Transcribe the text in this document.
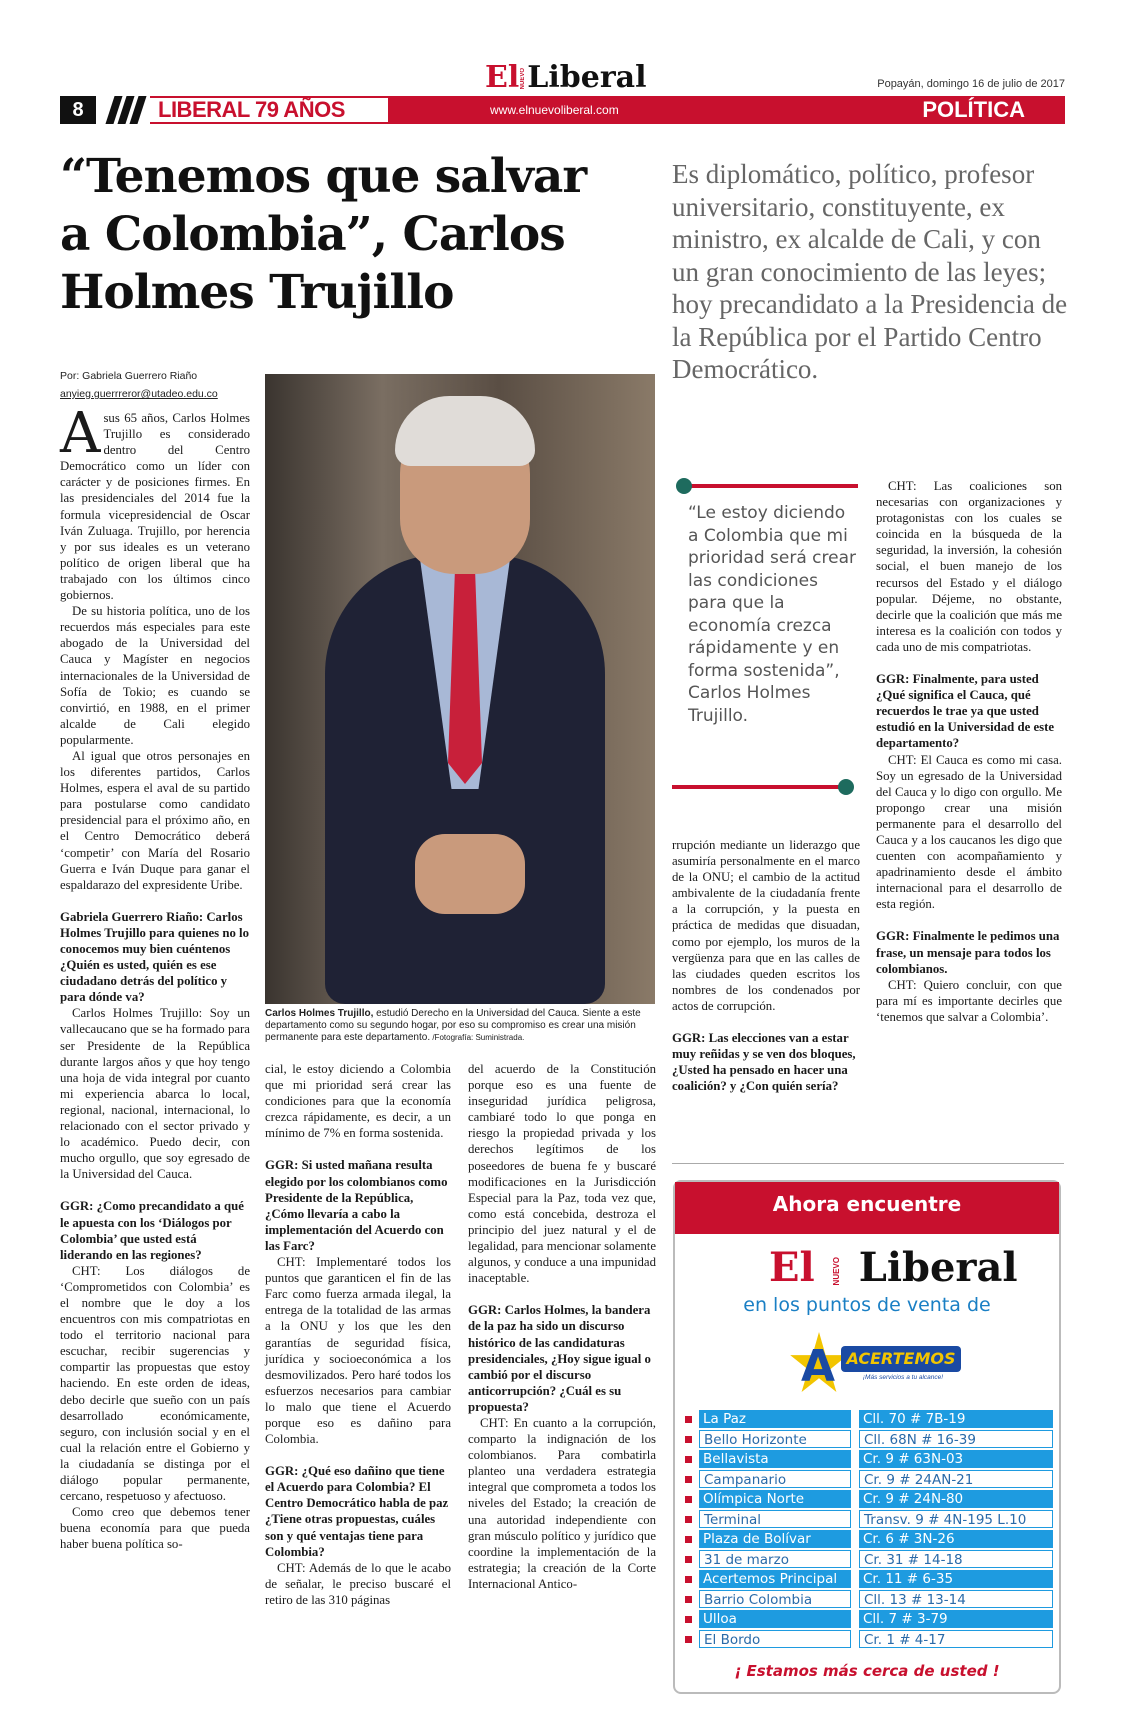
ElNUEVOLiberal	Popayán, domingo 16 de julio de 2017
8	LIBERAL 79 AÑOS	www.elnuevoliberal.com	POLÍTICA
“Tenemos que salvar a Colombia”, Carlos Holmes Trujillo
Es diplomático, político, profesor universitario, constituyente, ex ministro, ex alcalde de Cali, y con un gran conocimiento de las leyes; hoy precandidato a la Presidencia de la República por el Partido Centro Democrático.
Por: Gabriela Guerrero Riaño
anyieg.guerrreror@utadeo.edu.co

Asus 65 años, Carlos Holmes Trujillo es considerado dentro del Centro Democrático como un líder con carácter y de posiciones firmes. En las presidenciales del 2014 fue la formula vicepresidencial de Oscar Iván Zuluaga. Trujillo, por herencia y por sus ideales es un veterano político de origen liberal que ha trabajado con los últimos cinco gobiernos.

De su historia política, uno de los recuerdos más especiales para este abogado de la Universidad del Cauca y Magíster en negocios internacionales de la Universidad de Sofía de Tokio; es cuando se convirtió, en 1988, en el primer alcalde de Cali elegido popularmente.

Al igual que otros personajes en los diferentes partidos, Carlos Holmes, espera el aval de su partido para postularse como candidato presidencial para el próximo año, en el Centro Democrático deberá ‘competir’ con María del Rosario Guerra e Iván Duque para ganar el espaldarazo del expresidente Uribe.

Gabriela Guerrero Riaño: Carlos Holmes Trujillo para quienes no lo conocemos muy bien cuéntenos ¿Quién es usted, quién es ese ciudadano detrás del político y para dónde va?

Carlos Holmes Trujillo: Soy un vallecaucano que se ha formado para ser Presidente de la República durante largos años y que hoy tengo una hoja de vida integral por cuanto mi experiencia abarca lo local, regional, nacional, internacional, lo relacionado con el sector privado y lo académico. Puedo decir, con mucho orgullo, que soy egresado de la Universidad del Cauca.

GGR: ¿Como precandidato a qué le apuesta con los ‘Diálogos por Colombia’ que usted está liderando en las regiones?

CHT: Los diálogos de ‘Comprometidos con Colombia’ es el nombre que le doy a los encuentros con mis compatriotas en todo el territorio nacional para escuchar, recibir sugerencias y compartir las propuestas que estoy haciendo. En este orden de ideas, debo decirle que sueño con un país desarrollado económicamente, seguro, con inclusión social y en el cual la relación entre el Gobierno y la ciudadanía se distinga por el diálogo popular permanente, cercano, respetuoso y afectuoso.

Como creo que debemos tener buena economía para que pueda haber buena política so-

Carlos Holmes Trujillo, estudió Derecho en la Universidad del Cauca. Siente a este departamento como su segundo hogar, por eso su compromiso es crear una misión permanente para este departamento. /Fotografía: Suministrada.

cial, le estoy diciendo a Colombia que mi prioridad será crear las condiciones para que la economía crezca rápidamente, es decir, a un mínimo de 7% en forma sostenida.

GGR: Si usted mañana resulta elegido por los colombianos como Presidente de la República, ¿Cómo llevaría a cabo la implementación del Acuerdo con las Farc?

CHT: Implementaré todos los puntos que garanticen el fin de las Farc como fuerza armada ilegal, la entrega de la totalidad de las armas a la ONU y los que les den garantías de seguridad física, jurídica y socioeconómica a los desmovilizados. Pero haré todos los esfuerzos necesarios para cambiar lo malo que tiene el Acuerdo porque eso es dañino para Colombia.

GGR: ¿Qué eso dañino que tiene el Acuerdo para Colombia? El Centro Democrático habla de paz ¿Tiene otras propuestas, cuáles son y qué ventajas tiene para Colombia?

CHT: Además de lo que le acabo de señalar, le preciso buscaré el retiro de las 310 páginas

del acuerdo de la Constitución porque eso es una fuente de inseguridad jurídica peligrosa, cambiaré todo lo que ponga en riesgo la propiedad privada y los derechos legítimos de los poseedores de buena fe y buscaré modificaciones en la Jurisdicción Especial para la Paz, toda vez que, como está concebida, destroza el principio del juez natural y el de legalidad, para mencionar solamente algunos, y conduce a una impunidad inaceptable.

GGR: Carlos Holmes, la bandera de la paz ha sido un discurso histórico de las candidaturas presidenciales, ¿Hoy sigue igual o cambió por el discurso anticorrupción? ¿Cuál es su propuesta?

CHT: En cuanto a la corrupción, comparto la indignación de los colombianos. Para combatirla planteo una verdadera estrategia integral que comprometa a todos los niveles del Estado; la creación de una autoridad independiente con gran músculo político y jurídico que coordine la implementación de la estrategia; la creación de la Corte Internacional Antico-

“Le estoy diciendo a Colombia que mi prioridad será crear las condiciones para que la economía crezca rápidamente y en forma sostenida”, Carlos Holmes Trujillo.

rrupción mediante un liderazgo que asumiría personalmente en el marco de la ONU; el cambio de la actitud ambivalente de la ciudadanía frente a la corrupción, y la puesta en práctica de medidas que disuadan, como por ejemplo, los muros de la vergüenza para que en las calles de las ciudades queden escritos los nombres de los condenados por actos de corrupción.

GGR: Las elecciones van a estar muy reñidas y se ven dos bloques, ¿Usted ha pensado en hacer una coalición? y ¿Con quién sería?

CHT: Las coaliciones son necesarias con organizaciones y protagonistas con los cuales se coincida en la búsqueda de la seguridad, la inversión, la cohesión social, el buen manejo de los recursos del Estado y el diálogo popular. Déjeme, no obstante, decirle que la coalición que más me interesa es la coalición con todos y cada uno de mis compatriotas.

GGR: Finalmente, para usted ¿Qué significa el Cauca, qué recuerdos le trae ya que usted estudió en la Universidad de este departamento?

CHT: El Cauca es como mi casa. Soy un egresado de la Universidad del Cauca y lo digo con orgullo. Me propongo crear una misión permanente para el desarrollo del Cauca y a los caucanos les digo que cuenten con acompañamiento y apadrinamiento desde el ámbito internacional para el desarrollo de esta región.

GGR: Finalmente le pedimos una frase, un mensaje para todos los colombianos.

CHT: Quiero concluir, con que para mí es importante decirles que ‘tenemos que salvar a Colombia’.

Ahora encuentre
El NUEVO Liberal
en los puntos de venta de
A ACERTEMOS
¡Más servicios a tu alcance!
La Paz	Cll. 70 # 7B-19
Bello Horizonte	Cll. 68N # 16-39
Bellavista	Cr. 9 # 63N-03
Campanario	Cr. 9 # 24AN-21
Olímpica Norte	Cr. 9 # 24N-80
Terminal	Transv. 9 # 4N-195 L.10
Plaza de Bolívar	Cr. 6 # 3N-26
31 de marzo	Cr. 31 # 14-18
Acertemos Principal	Cr. 11 # 6-35
Barrio Colombia	Cll. 13 # 13-14
Ulloa	Cll. 7 # 3-79
El Bordo	Cr. 1 # 4-17
¡ Estamos más cerca de usted !
